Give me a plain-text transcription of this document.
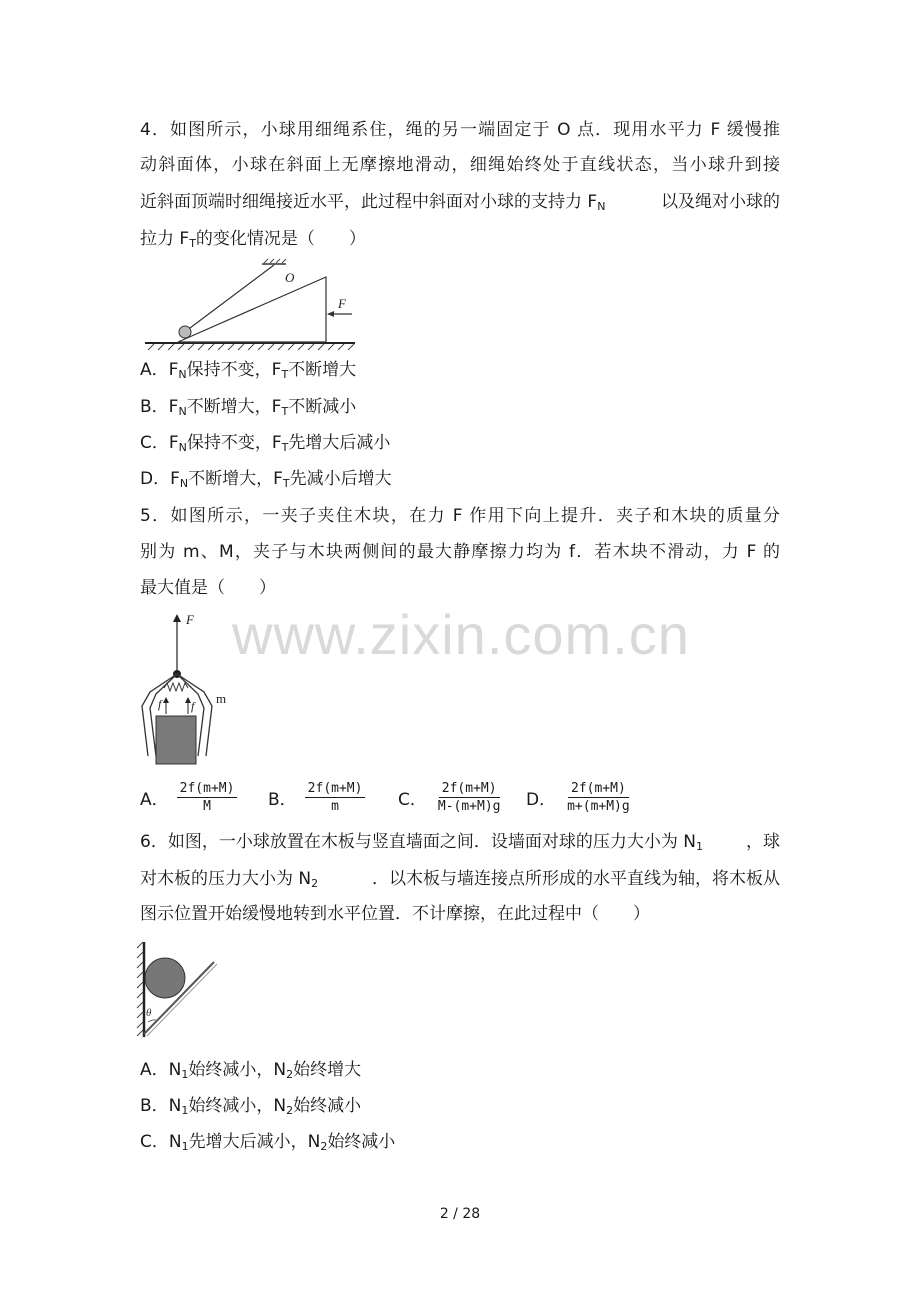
www.zixin.com.cn
4．如图所示，小球用细绳系住，绳的另一端固定于 O 点．现用水平力 F 缓慢推
动斜面体，小球在斜面上无摩擦地滑动，细绳始终处于直线状态，当小球升到接
近斜面顶端时细绳接近水平，此过程中斜面对小球的支持力 $F_N$	以及绳对小球的
拉力 $F_T$的变化情况是（　　）
O
F
A．$F_N$保持不变，$F_T$不断增大
B．$F_N$不断增大，$F_T$不断减小
C．$F_N$保持不变，$F_T$先增大后减小
D．$F_N$不断增大，$F_T$先减小后增大
5．如图所示，一夹子夹住木块，在力 F 作用下向上提升．夹子和木块的质量分
别为 m、M，夹子与木块两侧间的最大静摩擦力均为 f．若木块不滑动，力 F 的
最大值是（　　）
F
f f m
A． $\frac{2f(m+M)}{M}$ B． $\frac{2f(m+M)}{m}$ C． $\frac{2f(m+M)}{M-(m+M)g}$ D． $\frac{2f(m+M)}{m+(m+M)g}$
6．如图，一小球放置在木板与竖直墙面之间．设墙面对球的压力大小为 $N_1$	，球
对木板的压力大小为 $N_2$	．以木板与墙连接点所形成的水平直线为轴，将木板从
图示位置开始缓慢地转到水平位置．不计摩擦，在此过程中（　　）
θ
A．$N_1$始终减小，$N_2$始终增大
B．$N_1$始终减小，$N_2$始终减小
C．$N_1$先增大后减小，$N_2$始终减小
2 / 28
